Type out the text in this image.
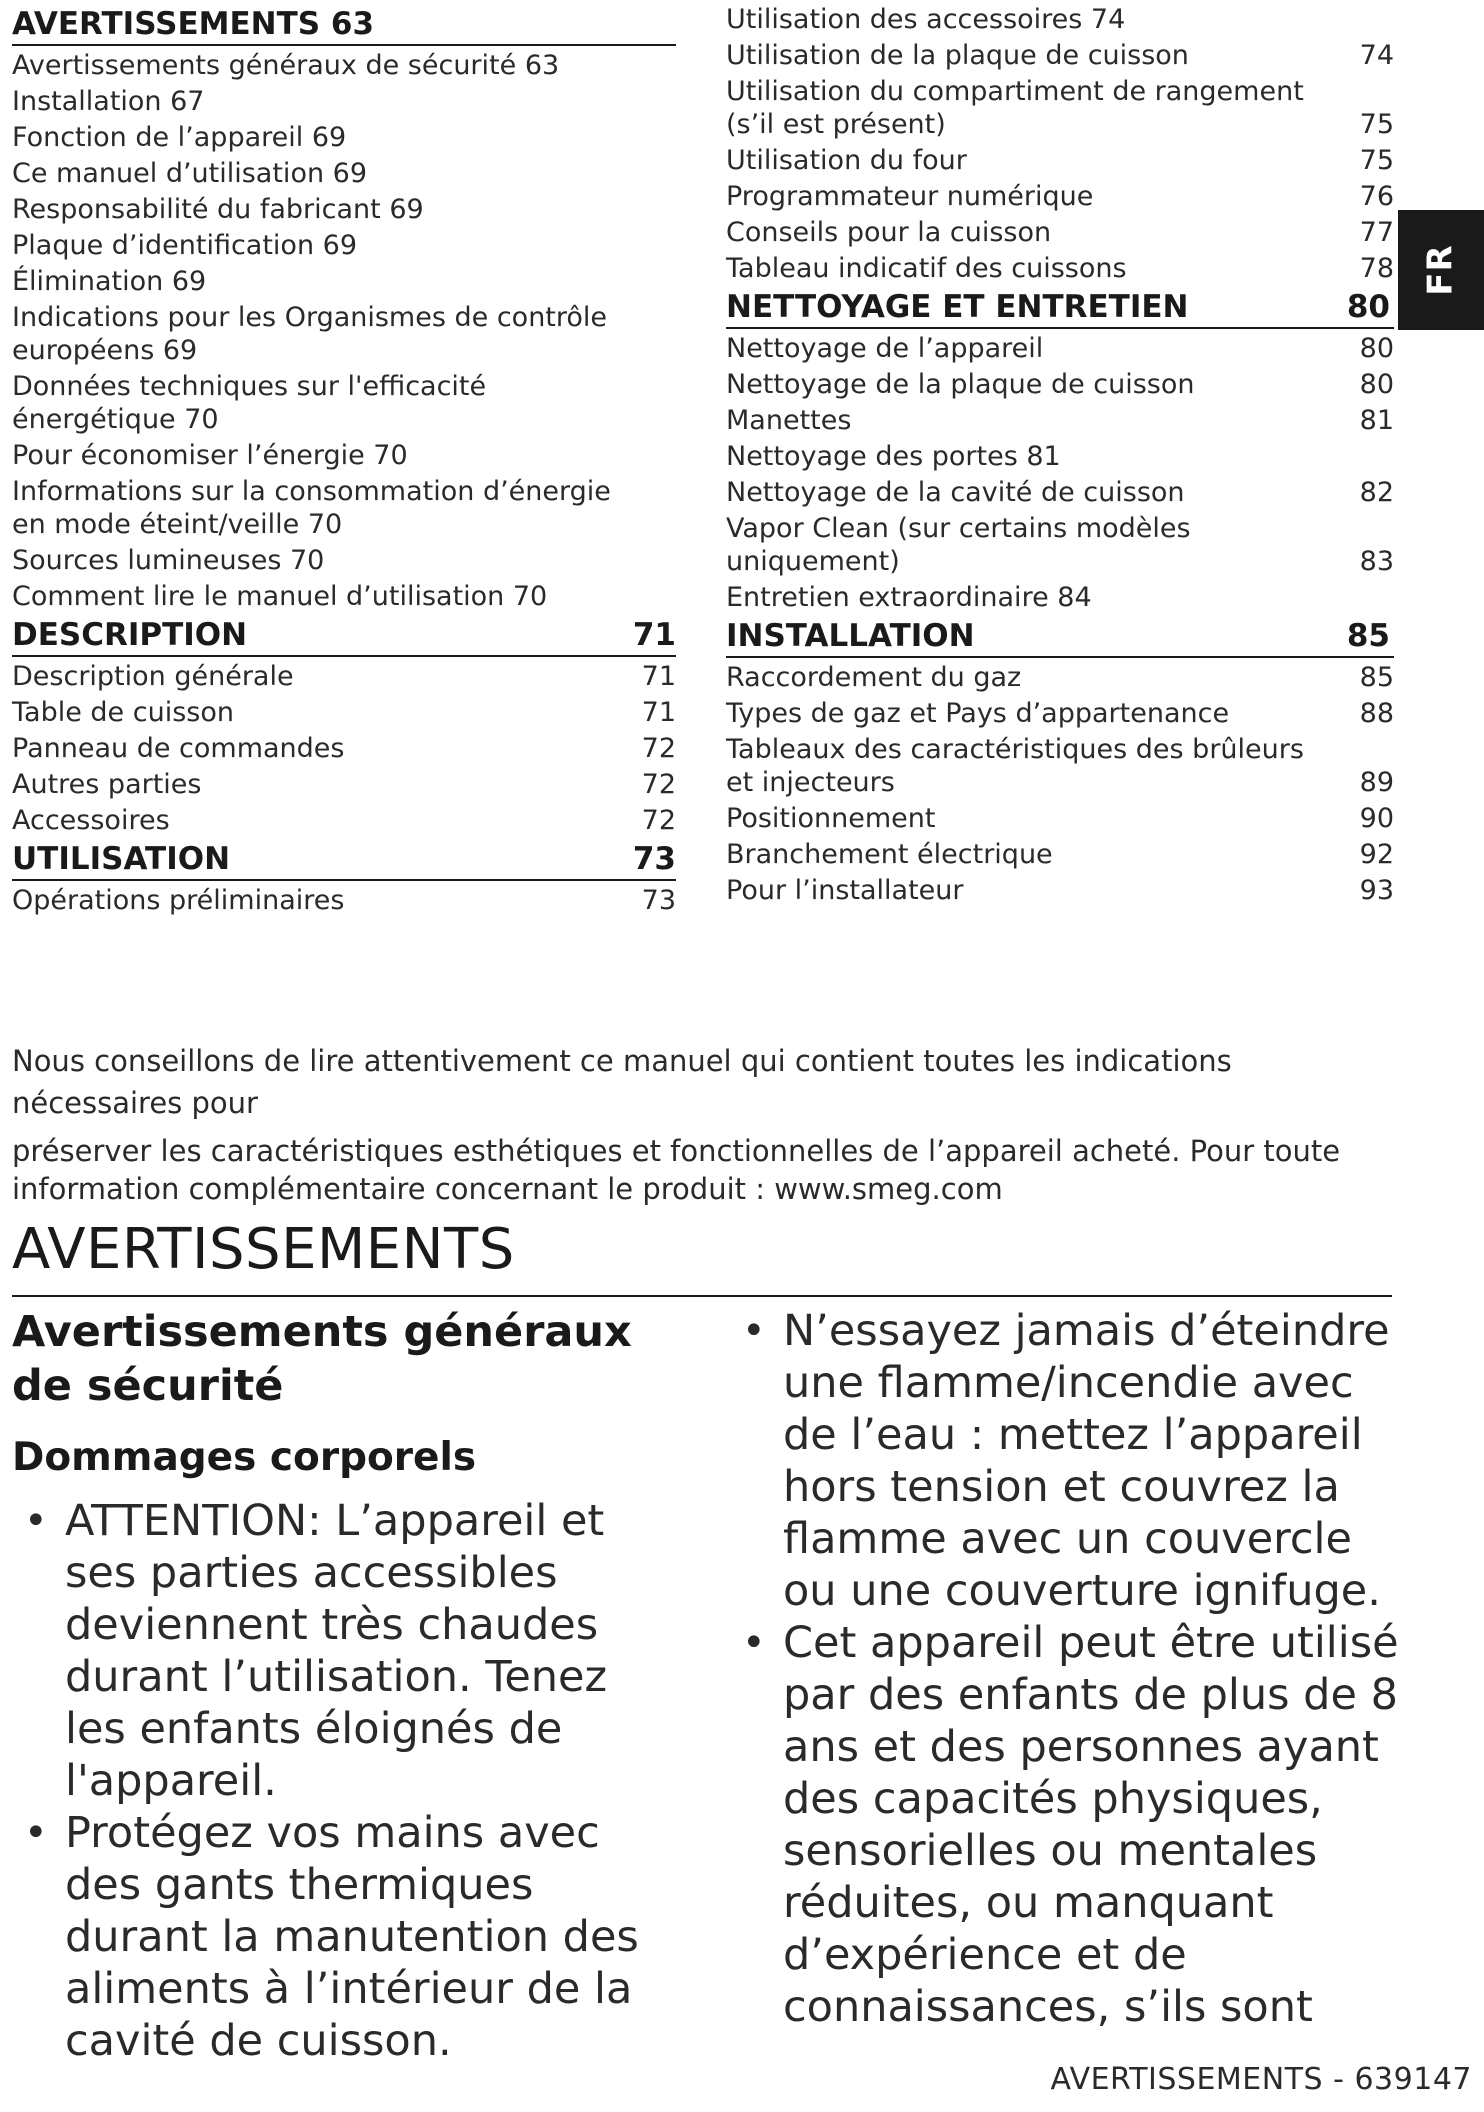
AVERTISSEMENTS 63
Avertissements généraux de sécurité 63
Installation 67
Fonction de l’appareil 69
Ce manuel d’utilisation 69
Responsabilité du fabricant 69
Plaque d’identification 69
Élimination 69
Indications pour les Organismes de contrôle européens 69
Données techniques sur l'efficacité énergétique 70
Pour économiser l’énergie 70
Informations sur la consommation d’énergie en mode éteint/veille 70
Sources lumineuses 70
Comment lire le manuel d’utilisation 70
DESCRIPTION	71
Description générale	71
Table de cuisson	71
Panneau de commandes	72
Autres parties	72
Accessoires	72
UTILISATION	73
Opérations préliminaires	73
Utilisation des accessoires 74
Utilisation de la plaque de cuisson	74
Utilisation du compartiment de rangement (s’il est présent)	75
Utilisation du four	75
Programmateur numérique	76
Conseils pour la cuisson	77
Tableau indicatif des cuissons	78
NETTOYAGE ET ENTRETIEN	80
Nettoyage de l’appareil	80
Nettoyage de la plaque de cuisson	80
Manettes	81
Nettoyage des portes 81
Nettoyage de la cavité de cuisson	82
Vapor Clean (sur certains modèles uniquement)	83
Entretien extraordinaire 84
INSTALLATION	85
Raccordement du gaz	85
Types de gaz et Pays d’appartenance	88
Tableaux des caractéristiques des brûleurs et injecteurs	89
Positionnement	90
Branchement électrique	92
Pour l’installateur	93
FR
Nous conseillons de lire attentivement ce manuel qui contient toutes les indications nécessaires pour
préserver les caractéristiques esthétiques et fonctionnelles de l’appareil acheté. Pour toute
information complémentaire concernant le produit : www.smeg.com
AVERTISSEMENTS
Avertissements généraux de sécurité
Dommages corporels
• ATTENTION: L’appareil et ses parties accessibles deviennent très chaudes durant l’utilisation. Tenez les enfants éloignés de l'appareil.
• Protégez vos mains avec des gants thermiques durant la manutention des aliments à l’intérieur de la cavité de cuisson.
• N’essayez jamais d’éteindre une flamme/incendie avec de l’eau : mettez l’appareil hors tension et couvrez la flamme avec un couvercle ou une couverture ignifuge.
• Cet appareil peut être utilisé par des enfants de plus de 8 ans et des personnes ayant des capacités physiques, sensorielles ou mentales réduites, ou manquant d’expérience et de connaissances, s’ils sont
AVERTISSEMENTS - 639147
